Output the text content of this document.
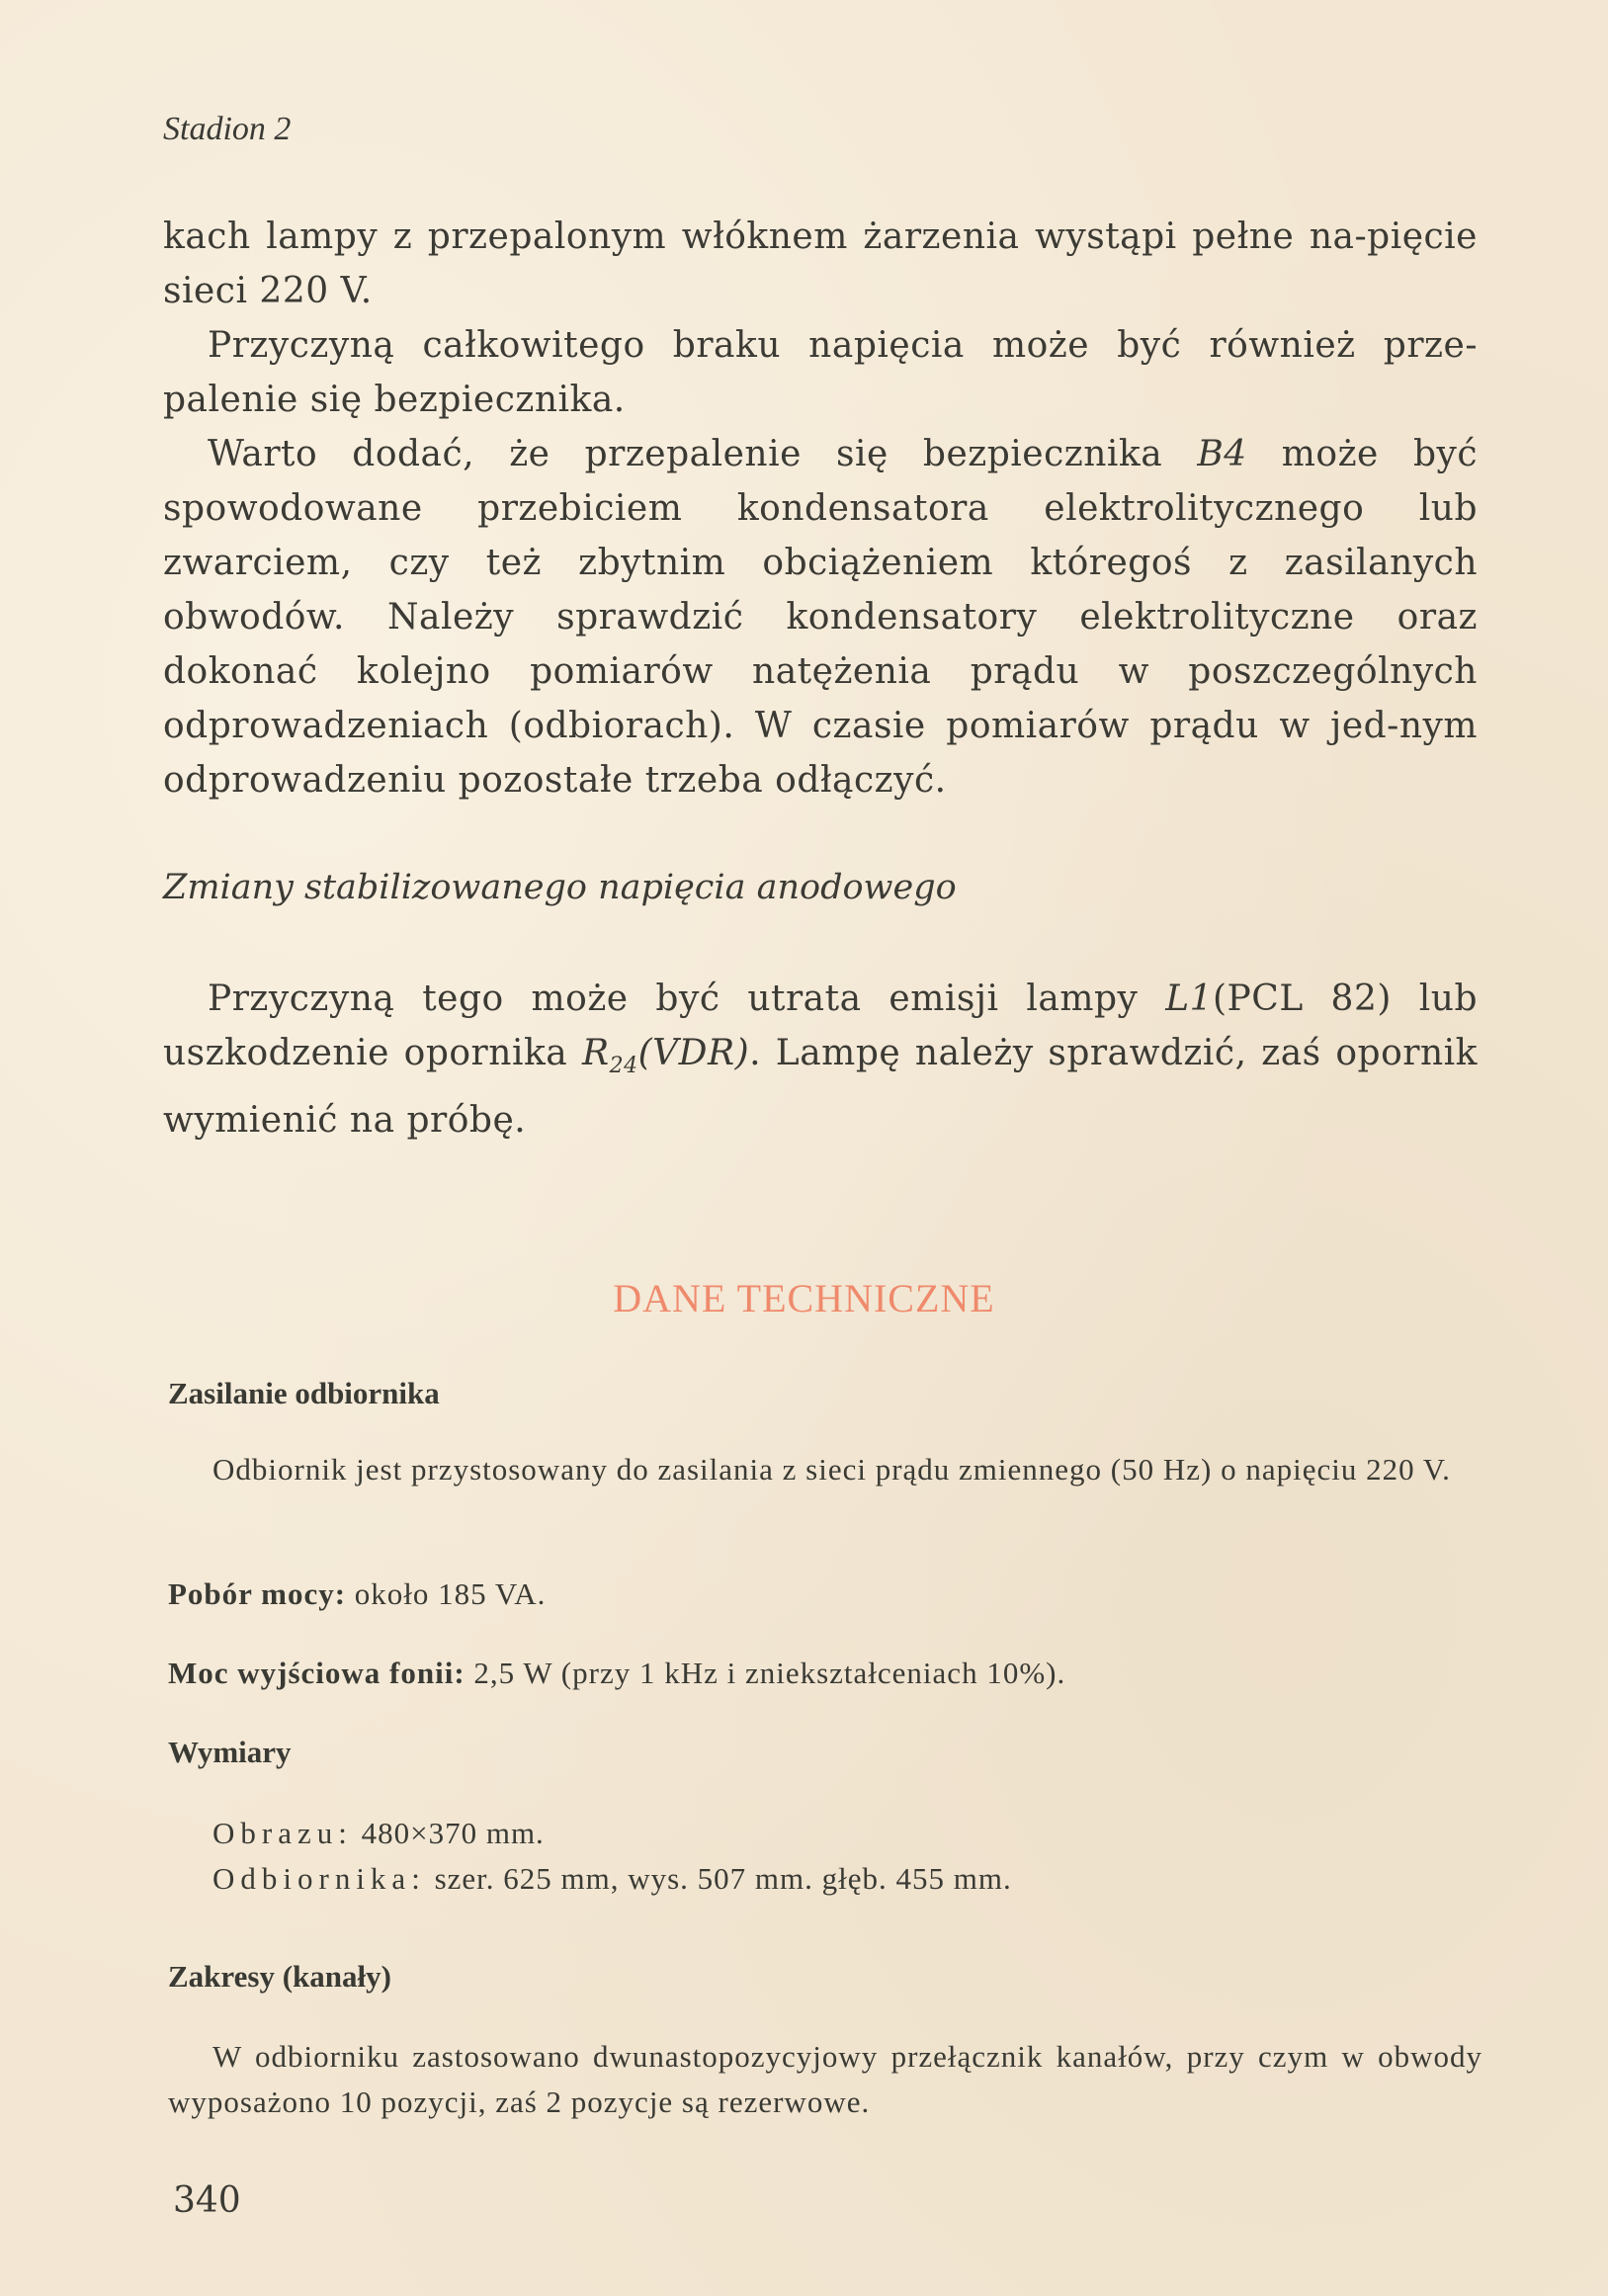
Stadion 2

kach lampy z przepalonym włóknem żarzenia wystąpi pełne na-pięcie sieci 220 V.

Przyczyną całkowitego braku napięcia może być również prze-palenie się bezpiecznika.

Warto dodać, że przepalenie się bezpiecznika B4 może być spowodowane przebiciem kondensatora elektrolitycznego lub zwarciem, czy też zbytnim obciążeniem któregoś z zasilanych obwodów. Należy sprawdzić kondensatory elektrolityczne oraz dokonać kolejno pomiarów natężenia prądu w poszczególnych odprowadzeniach (odbiorach). W czasie pomiarów prądu w jed-nym odprowadzeniu pozostałe trzeba odłączyć.

Zmiany stabilizowanego napięcia anodowego

Przyczyną tego może być utrata emisji lampy L1(PCL 82) lub uszkodzenie opornika $R_{24}(VDR)$. Lampę należy sprawdzić, zaś opornik wymienić na próbę.

DANE TECHNICZNE
Zasilanie odbiornika

Odbiornik jest przystosowany do zasilania z sieci prądu zmiennego (50 Hz) o napięciu 220 V.

Pobór mocy: około 185 VA.

Moc wyjściowa fonii: 2,5 W (przy 1 kHz i zniekształceniach 10%).

Wymiary

Obrazu: 480×370 mm.

Odbiornika: szer. 625 mm, wys. 507 mm. głęb. 455 mm.

Zakresy (kanały)

W odbiorniku zastosowano dwunastopozycyjowy przełącznik kanałów, przy czym w obwody wyposażono 10 pozycji, zaś 2 pozycje są rezerwowe.

340
